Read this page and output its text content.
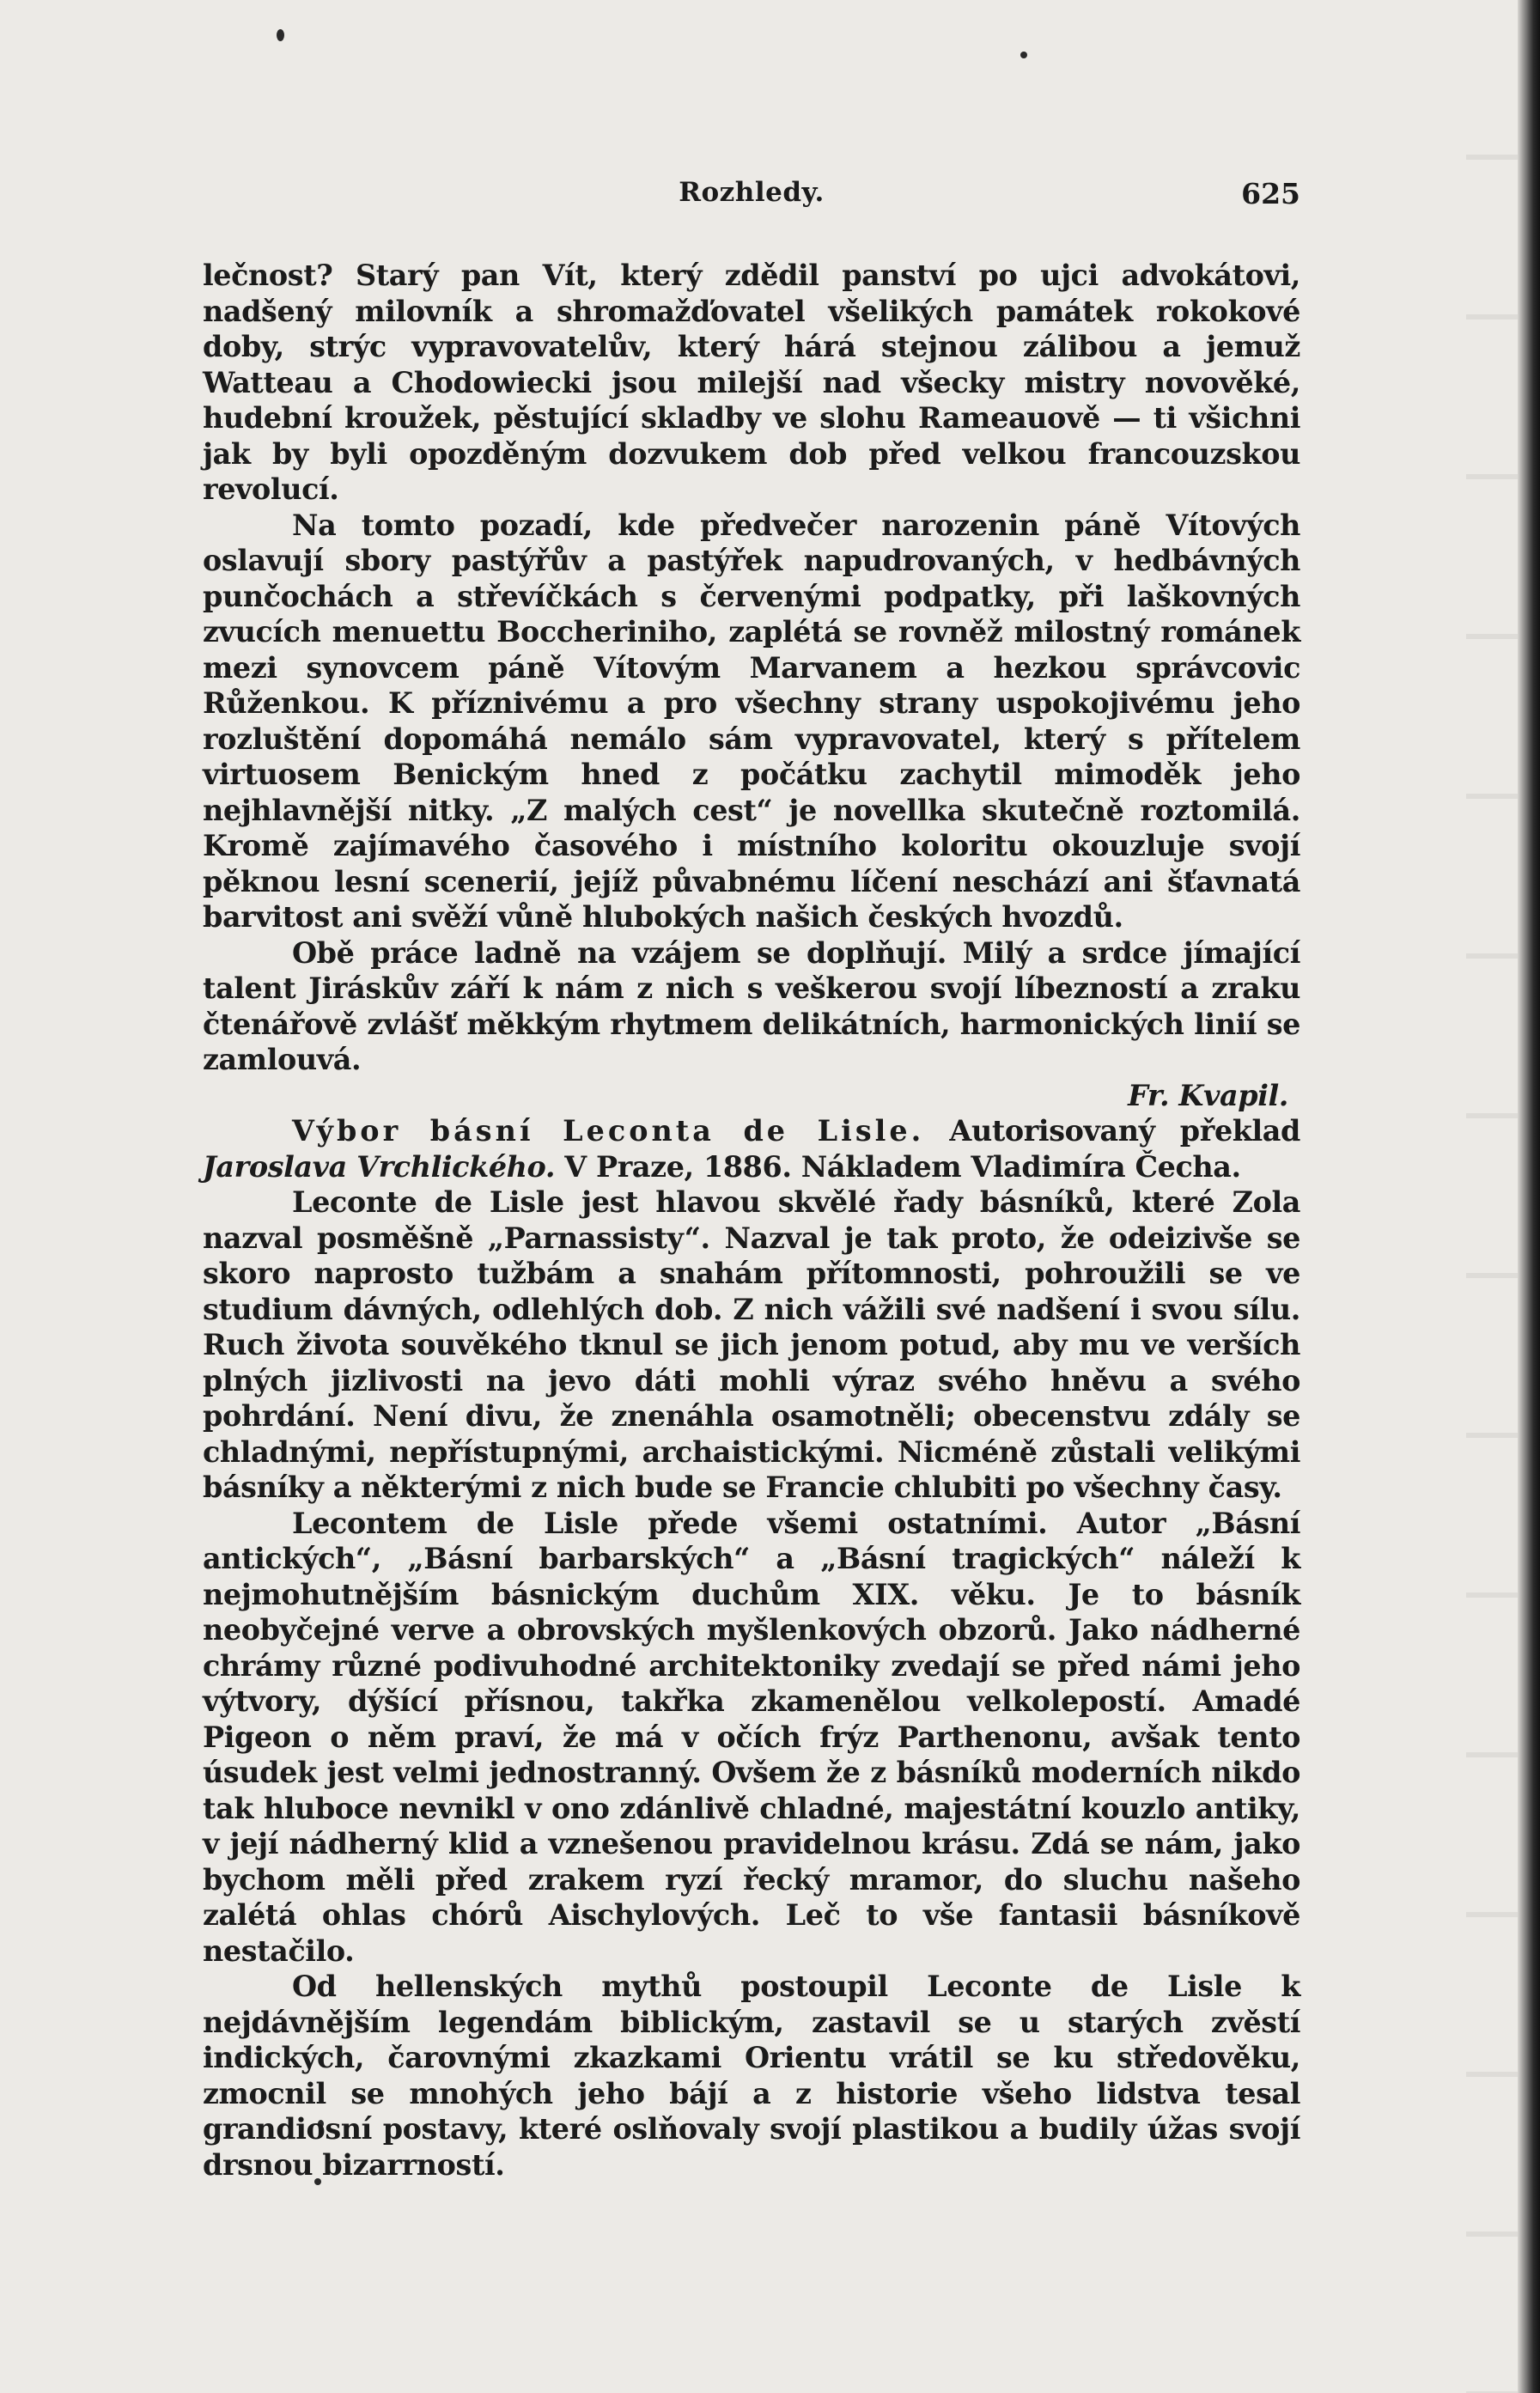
Rozhledy.	625

lečnost? Starý pan Vít, který zdědil panství po ujci advokátovi, nadšený milovník a shromažďovatel všelikých památek rokokové doby, strýc vypravovatelův, který hárá stejnou zálibou a jemuž Watteau a Chodowiecki jsou milejší nad všecky mistry novověké, hudební kroužek, pěstující skladby ve slohu Rameauově — ti všichni jak by byli opozděným dozvukem dob před velkou francouzskou revolucí.

Na tomto pozadí, kde předvečer narozenin páně Vítových oslavují sbory pastýřův a pastýřek napudrovaných, v hedbávných punčochách a střevíčkách s červenými podpatky, při laškovných zvucích menuettu Boccheriniho, zaplétá se rovněž milostný románek mezi synovcem páně Vítovým Marvanem a hezkou správcovic Růženkou. K příznivému a pro všechny strany uspokojivému jeho rozluštění dopomáhá nemálo sám vypravovatel, který s přítelem virtuosem Benickým hned z počátku zachytil mimoděk jeho nejhlavnější nitky. „Z malých cest“ je novellka skutečně roztomilá. Kromě zajímavého časového i místního koloritu okouzluje svojí pěknou lesní scenerií, jejíž půvabnému líčení neschází ani šťavnatá barvitost ani svěží vůně hlubokých našich českých hvozdů.

Obě práce ladně na vzájem se doplňují. Milý a srdce jímající talent Jiráskův září k nám z nich s veškerou svojí líbezností a zraku čtenářově zvlášť měkkým rhytmem delikátních, harmonických linií se zamlouvá.

Fr. Kvapil.

Výbor básní Leconta de Lisle. Autorisovaný překlad Jaroslava Vrchlického. V Praze, 1886. Nákladem Vladimíra Čecha.

Leconte de Lisle jest hlavou skvělé řady básníků, které Zola nazval posměšně „Parnassisty“. Nazval je tak proto, že odeizivše se skoro naprosto tužbám a snahám přítomnosti, pohroužili se ve studium dávných, odlehlých dob. Z nich vážili své nadšení i svou sílu. Ruch života souvěkého tknul se jich jenom potud, aby mu ve verších plných jizlivosti na jevo dáti mohli výraz svého hněvu a svého pohrdání. Není divu, že znenáhla osamotněli; obecenstvu zdály se chladnými, nepřístupnými, archaistickými. Nicméně zůstali velikými básníky a některými z nich bude se Francie chlubiti po všechny časy.

Lecontem de Lisle přede všemi ostatními. Autor „Básní antických“, „Básní barbarských“ a „Básní tragických“ náleží k nejmohutnějším básnickým duchům XIX. věku. Je to básník neobyčejné verve a obrovských myšlenkových obzorů. Jako nádherné chrámy různé podivuhodné architektoniky zvedají se před námi jeho výtvory, dýšící přísnou, takřka zkamenělou velkolepostí. Amadé Pigeon o něm praví, že má v očích frýz Parthenonu, avšak tento úsudek jest velmi jednostranný. Ovšem že z básníků moderních nikdo tak hluboce nevnikl v ono zdánlivě chladné, majestátní kouzlo antiky, v její nádherný klid a vznešenou pravidelnou krásu. Zdá se nám, jako bychom měli před zrakem ryzí řecký mramor, do sluchu našeho zalétá ohlas chórů Aischylových. Leč to vše fantasii básníkově nestačilo.

Od hellenských mythů postoupil Leconte de Lisle k nejdávnějším legendám biblickým, zastavil se u starých zvěstí indických, čarovnými zkazkami Orientu vrátil se ku středověku, zmocnil se mnohých jeho bájí a z historie všeho lidstva tesal grandiosní postavy, které oslňovaly svojí plastikou a budily úžas svojí drsnou bizarrností.
